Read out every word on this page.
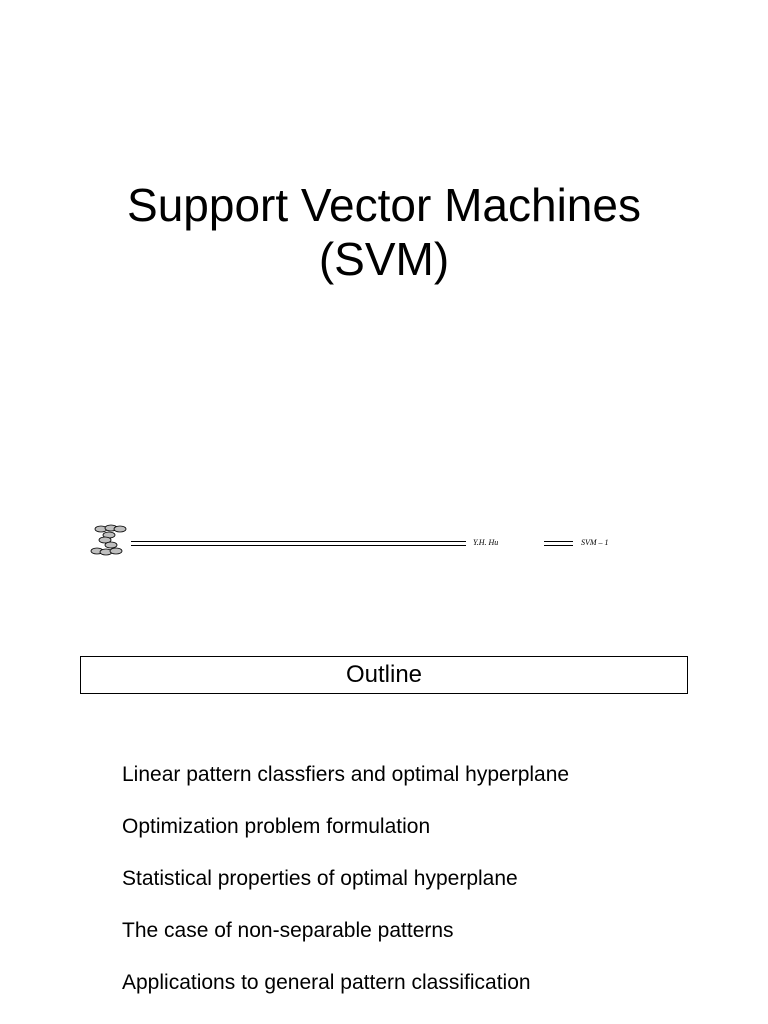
Support Vector Machines
(SVM)
Y.H. Hu	SVM – 1
Outline
Linear pattern classfiers and optimal hyperplane
Optimization problem formulation
Statistical properties of optimal hyperplane
The case of non-separable patterns
Applications to general pattern classification
